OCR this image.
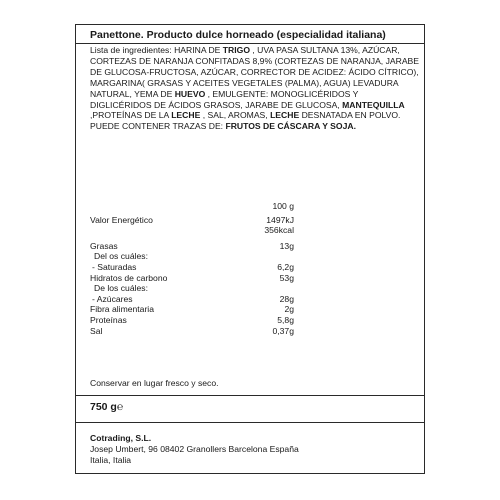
Panettone. Producto dulce horneado (especialidad italiana)
Lista de ingredientes: HARINA DE TRIGO , UVA PASA SULTANA 13%, AZÚCAR, CORTEZAS DE NARANJA CONFITADAS 8,9% (CORTEZAS DE NARANJA, JARABE DE GLUCOSA-FRUCTOSA, AZÚCAR, CORRECTOR DE ACIDEZ: ÁCIDO CÍTRICO), MARGARINA( GRASAS Y ACEITES VEGETALES (PALMA), AGUA) LEVADURA NATURAL, YEMA DE HUEVO , EMULGENTE: MONOGLICÉRIDOS Y DIGLICÉRIDOS DE ÁCIDOS GRASOS, JARABE DE GLUCOSA, MANTEQUILLA ,PROTEÍNAS DE LA LECHE , SAL, AROMAS, LECHE DESNATADA EN POLVO. PUEDE CONTENER TRAZAS DE: FRUTOS DE CÁSCARA Y SOJA.
100 g
Valor Energético	1497kJ
356kcal
Grasas	13g
Del os cuáles:
- Saturadas	6,2g
Hidratos de carbono	53g
De los cuáles:
- Azúcares	28g
Fibra alimentaria	2g
Proteínas	5,8g
Sal	0,37g
Conservar en lugar fresco y seco.
750 g℮
Cotrading, S.L.
Josep Umbert, 96 08402 Granollers Barcelona España
Italia, Italia
